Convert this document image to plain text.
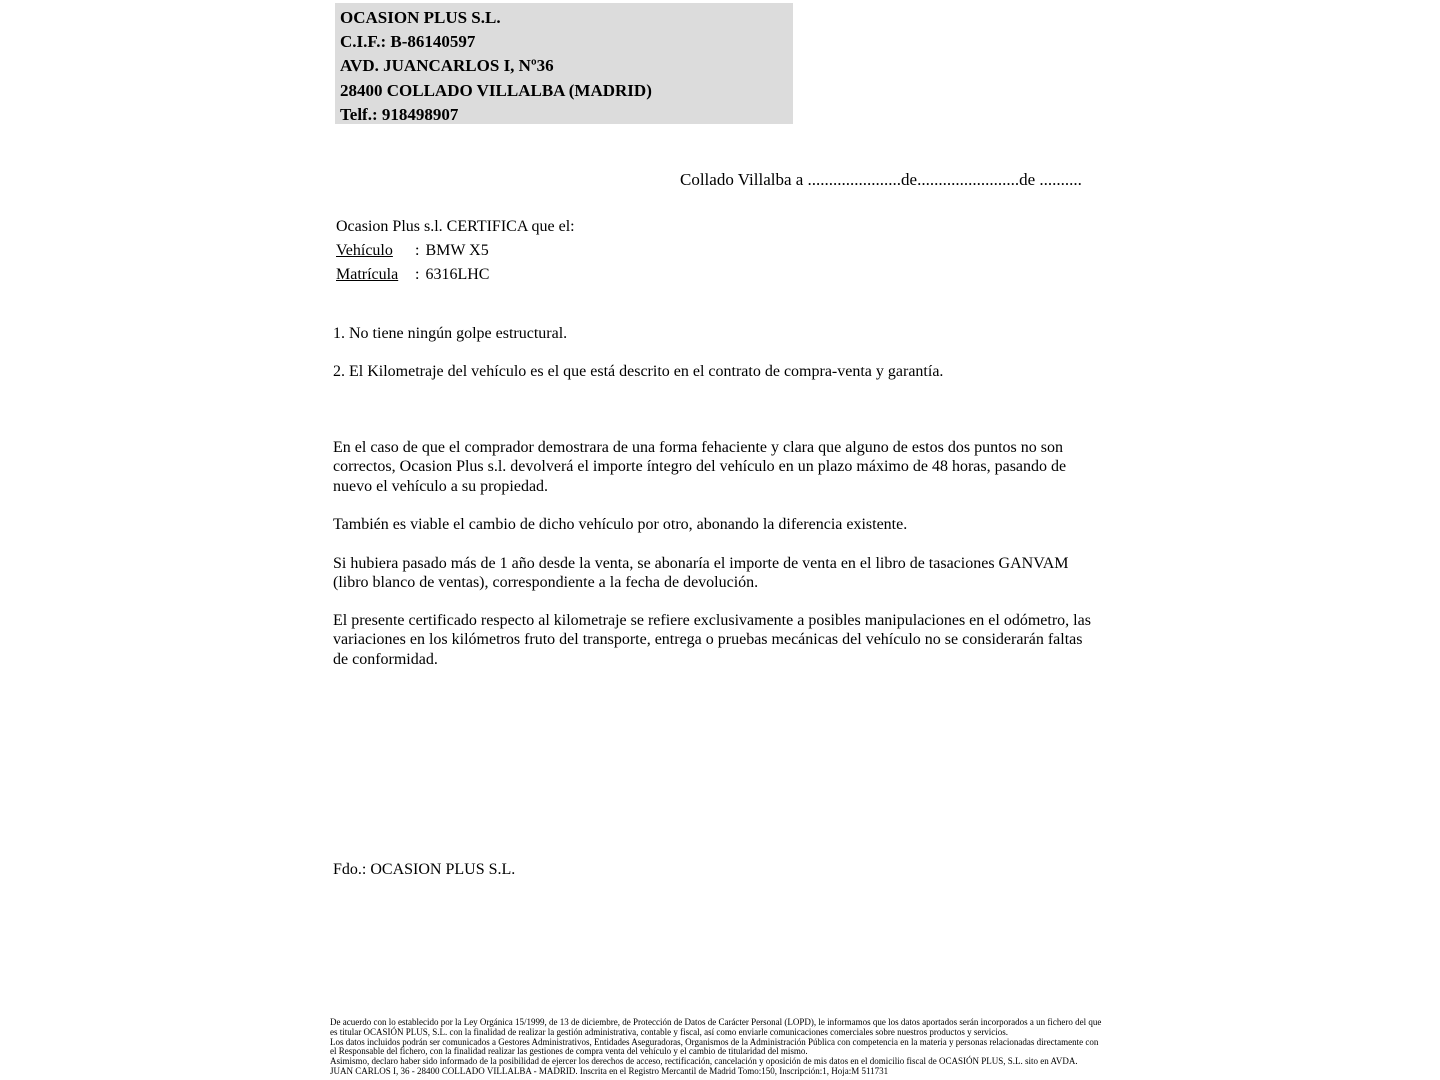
OCASION PLUS S.L.
C.I.F.: B-86140597
AVD. JUANCARLOS I, Nº36
28400 COLLADO VILLALBA (MADRID)
Telf.: 918498907
Collado Villalba a ......................de........................de ..........
Ocasion Plus s.l. CERTIFICA que el:
Vehículo : BMW X5
Matrícula : 6316LHC
1. No tiene ningún golpe estructural.
2. El Kilometraje del vehículo es el que está descrito en el contrato de compra-venta y garantía.
En el caso de que el comprador demostrara de una forma fehaciente y clara que alguno de estos dos puntos no son correctos, Ocasion Plus s.l. devolverá el importe íntegro del vehículo en un plazo máximo de 48 horas, pasando de nuevo el vehículo a su propiedad.
También es viable el cambio de dicho vehículo por otro, abonando la diferencia existente.
Si hubiera pasado más de 1 año desde la venta, se abonaría el importe de venta en el libro de tasaciones GANVAM (libro blanco de ventas), correspondiente a la fecha de devolución.
El presente certificado respecto al kilometraje se refiere exclusivamente a posibles manipulaciones en el odómetro, las variaciones en los kilómetros fruto del transporte, entrega o pruebas mecánicas del vehículo no se considerarán faltas de conformidad.
Fdo.: OCASION PLUS S.L.

De acuerdo con lo establecido por la Ley Orgánica 15/1999, de 13 de diciembre, de Protección de Datos de Carácter Personal (LOPD), le informamos que los datos aportados serán incorporados a un fichero del que es titular OCASIÓN PLUS, S.L. con la finalidad de realizar la gestión administrativa, contable y fiscal, así como enviarle comunicaciones comerciales sobre nuestros productos y servicios.

Los datos incluidos podrán ser comunicados a Gestores Administrativos, Entidades Aseguradoras, Organismos de la Administración Pública con competencia en la materia y personas relacionadas directamente con el Responsable del fichero, con la finalidad realizar las gestiones de compra venta del vehículo y el cambio de titularidad del mismo.

Asimismo, declaro haber sido informado de la posibilidad de ejercer los derechos de acceso, rectificación, cancelación y oposición de mis datos en el domicilio fiscal de OCASIÓN PLUS, S.L. sito en AVDA. JUAN CARLOS I, 36 - 28400 COLLADO VILLALBA - MADRID. Inscrita en el Registro Mercantil de Madrid Tomo:150, Inscripción:1, Hoja:M 511731
